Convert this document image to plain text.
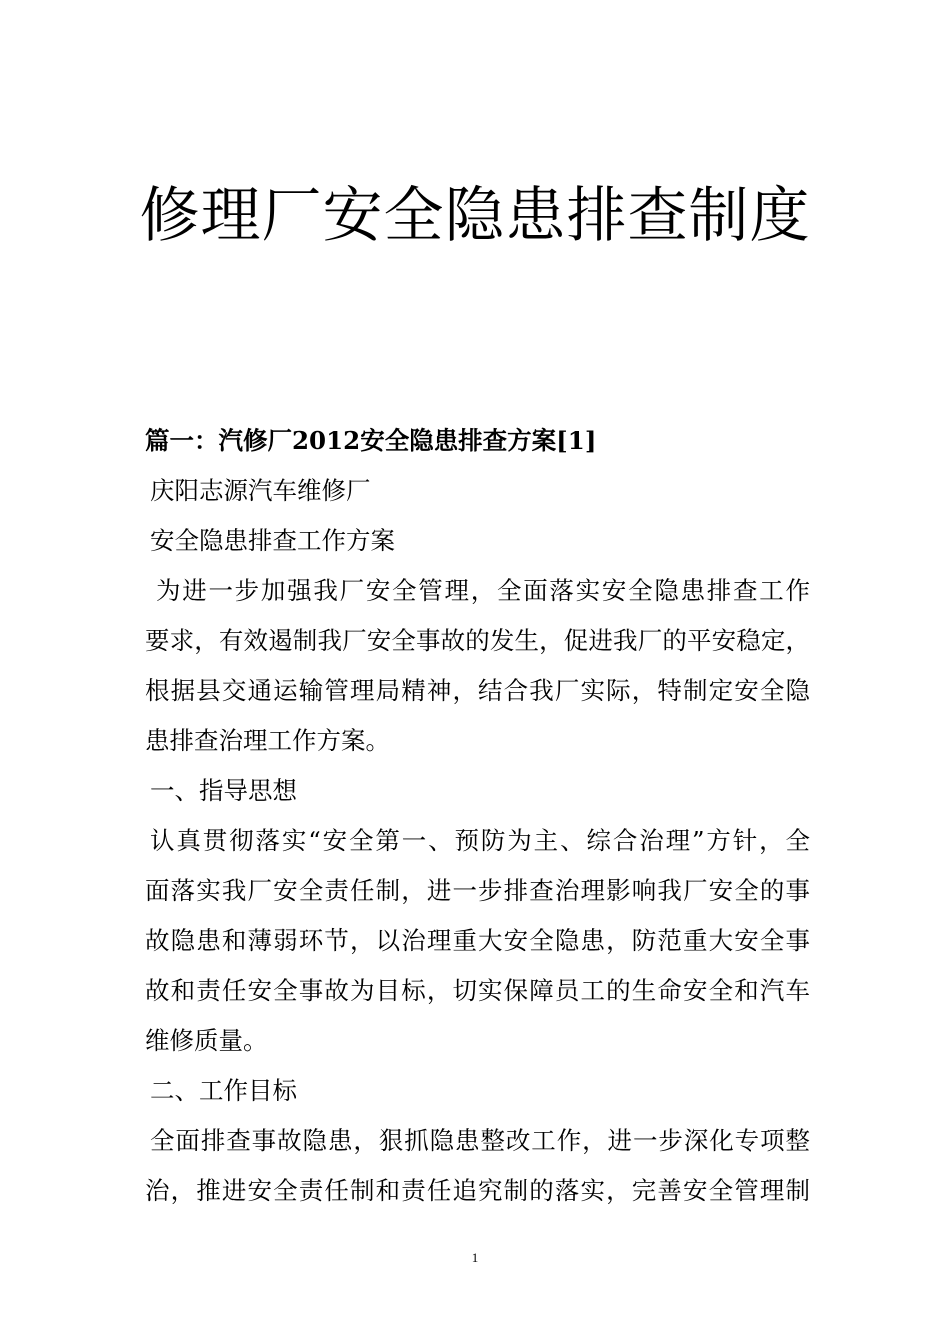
修理厂安全隐患排查制度
篇一：汽修厂2012安全隐患排查方案[1]
庆阳志源汽车维修厂
安全隐患排查工作方案
为进一步加强我厂安全管理，全面落实安全隐患排查工作
要求，有效遏制我厂安全事故的发生，促进我厂的平安稳定，
根据县交通运输管理局精神，结合我厂实际，特制定安全隐
患排查治理工作方案。
一、指导思想
认真贯彻落实“安全第一、预防为主、综合治理”方针，全
面落实我厂安全责任制，进一步排查治理影响我厂安全的事
故隐患和薄弱环节，以治理重大安全隐患，防范重大安全事
故和责任安全事故为目标，切实保障员工的生命安全和汽车
维修质量。
二、工作目标
全面排查事故隐患，狠抓隐患整改工作，进一步深化专项整
治，推进安全责任制和责任追究制的落实，完善安全管理制
1
